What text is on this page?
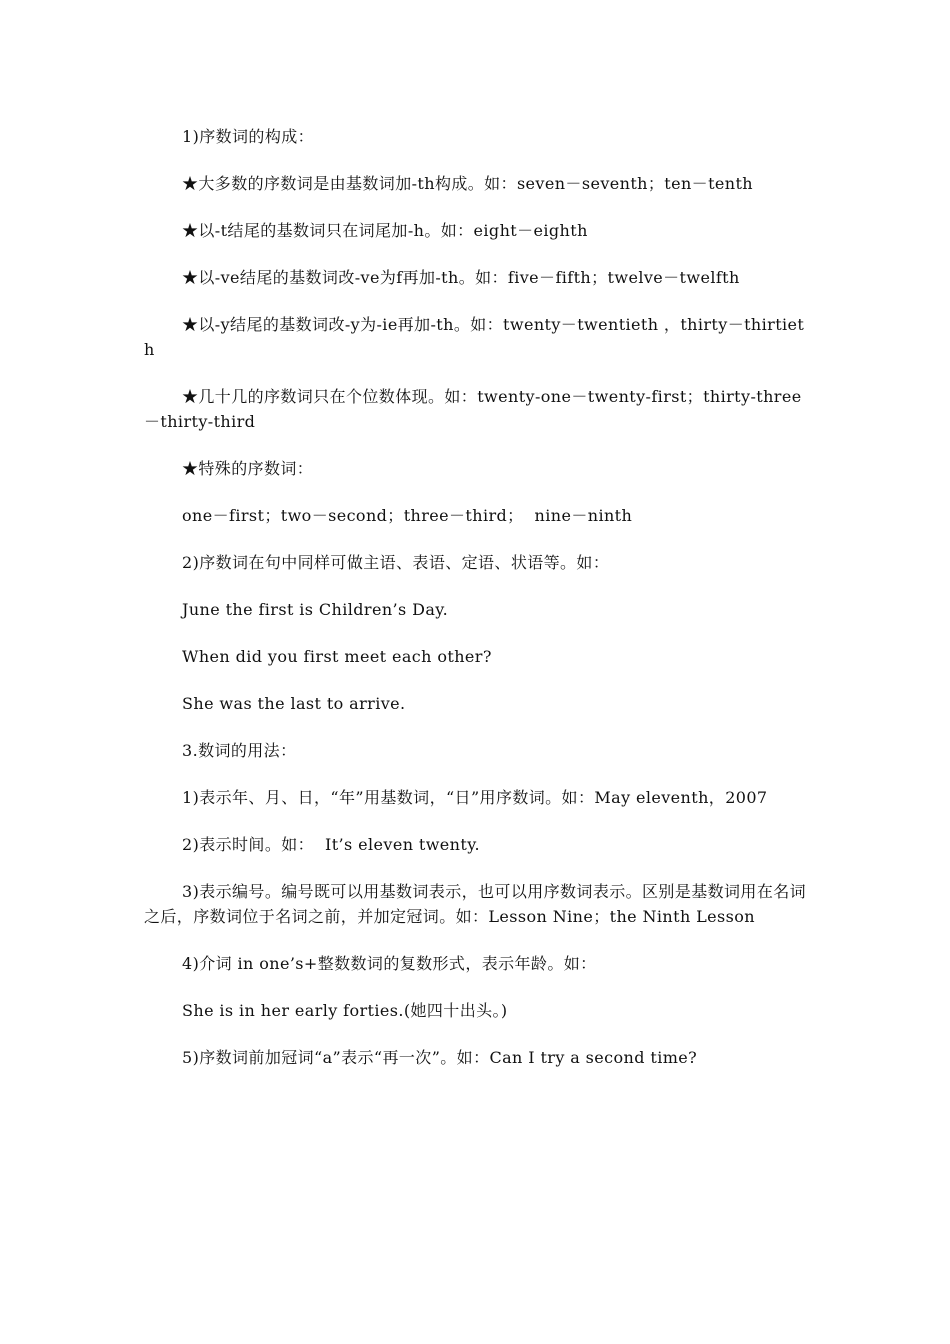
1)序数词的构成：

★大多数的序数词是由基数词加-th构成。如：seven－seventh；ten－tenth

★以-t结尾的基数词只在词尾加-h。如：eight－eighth

★以-ve结尾的基数词改-ve为f再加-th。如：five－fifth；twelve－twelfth

★以-y结尾的基数词改-y为-ie再加-th。如：twenty－twentieth ，thirty－thirtieth

★几十几的序数词只在个位数体现。如：twenty-one－twenty-first；thirty-three－thirty-third

★特殊的序数词：

one－first；two－second；three－third；  nine－ninth

2)序数词在句中同样可做主语、表语、定语、状语等。如：

June the first is Children’s Day.

When did you first meet each other?

She was the last to arrive.

3.数词的用法：

1)表示年、月、日，“年”用基数词，“日”用序数词。如：May eleventh，2007

2)表示时间。如：  It’s eleven twenty.

3)表示编号。编号既可以用基数词表示，也可以用序数词表示。区别是基数词用在名词之后，序数词位于名词之前，并加定冠词。如：Lesson Nine；the Ninth Lesson

4)介词 in one’s+整数数词的复数形式，表示年龄。如：

She is in her early forties.(她四十出头。)

5)序数词前加冠词“a”表示“再一次”。如：Can I try a second time?
